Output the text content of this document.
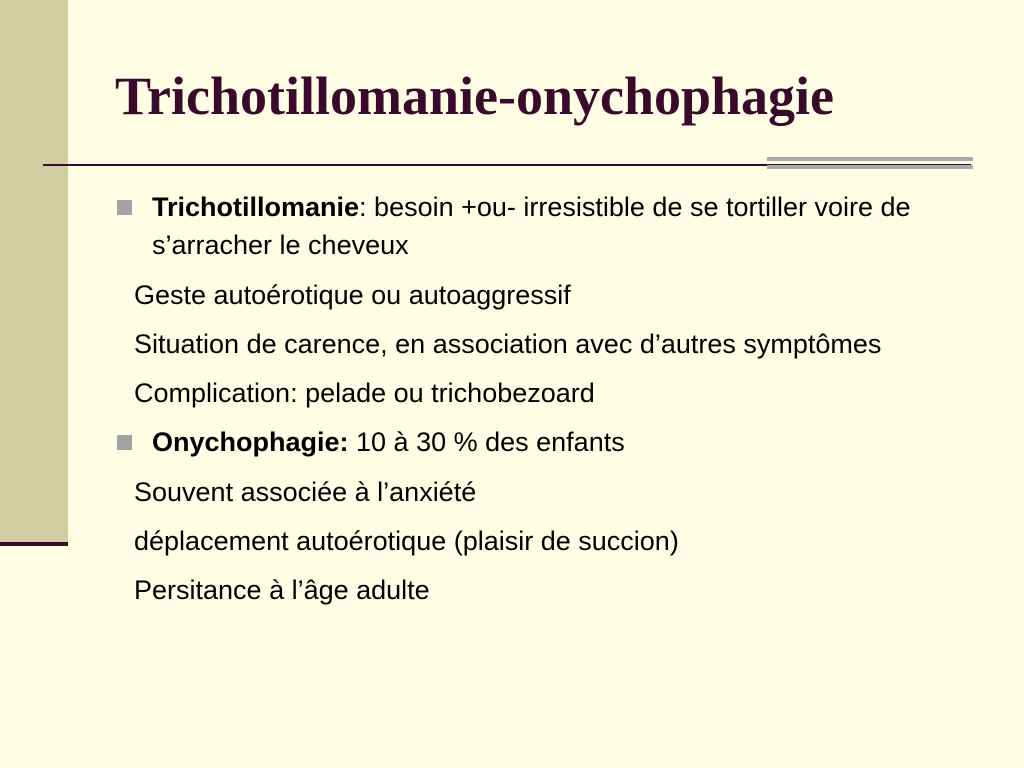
Trichotillomanie-onychophagie
Trichotillomanie: besoin +ou- irresistible de se tortiller voire de s’arracher le cheveux
Geste autoérotique ou autoaggressif
Situation de carence, en association avec d’autres symptômes
Complication: pelade ou trichobezoard
Onychophagie: 10 à 30 % des enfants
Souvent associée à l’anxiété
déplacement autoérotique (plaisir de succion)
Persitance à l’âge adulte
